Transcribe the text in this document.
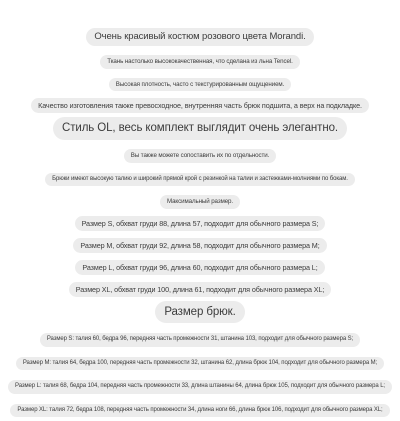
Очень красивый костюм розового цвета Morandi.
Ткань настолько высококачественная, что сделана из льна Tencel.
Высокая плотность, часто с текстурированным ощущением.
Качество изготовления также превосходное, внутренняя часть брюк подшита, а верх на подкладке.
Стиль OL, весь комплект выглядит очень элегантно.
Вы также можете сопоставить их по отдельности.
Брюки имеют высокую талию и широкий прямой крой с резинкой на талии и застежками-молниями по бокам.
Максимальный размер.
Размер S, обхват груди 88, длина 57, подходит для обычного размера S;
Размер M, обхват груди 92, длина 58, подходит для обычного размера M;
Размер L, обхват груди 96, длина 60, подходит для обычного размера L;
Размер XL, обхват груди 100, длина 61, подходит для обычного размера XL;
Размер брюк.
Размер S: талия 60, бедра 96, передняя часть промежности 31, штанина 103, подходит для обычного размера S;
Размер M: талия 64, бедра 100, передняя часть промежности 32, штанина 62, длина брюк 104, подходит для обычного размера M;
Размер L: талия 68, бедра 104, передняя часть промежности 33, длина штанины 64, длина брюк 105, подходит для обычного размера L;
Размер XL: талия 72, бедра 108, передняя часть промежности 34, длина ноги 66, длина брюк 106, подходит для обычного размера XL;
